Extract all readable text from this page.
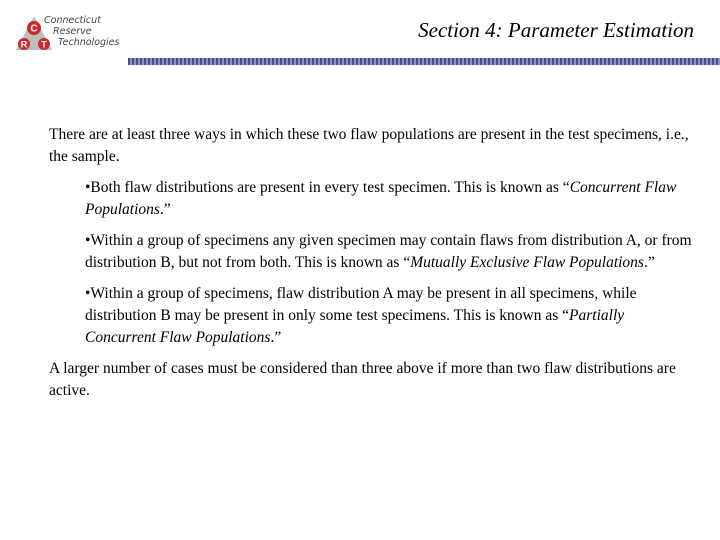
C
R T
Connecticut
Reserve
Technologies
Section 4: Parameter Estimation

There are at least three ways in which these two flaw populations are present in the test specimens, i.e., the sample.

•Both flaw distributions are present in every test specimen. This is known as “Concurrent Flaw Populations.”

•Within a group of specimens any given specimen may contain flaws from distribution A, or from distribution B, but not from both. This is known as “Mutually Exclusive Flaw Populations.”

•Within a group of specimens, flaw distribution A may be present in all specimens, while distribution B may be present in only some test specimens. This is known as “Partially Concurrent Flaw Populations.”

A larger number of cases must be considered than three above if more than two flaw distributions are active.
